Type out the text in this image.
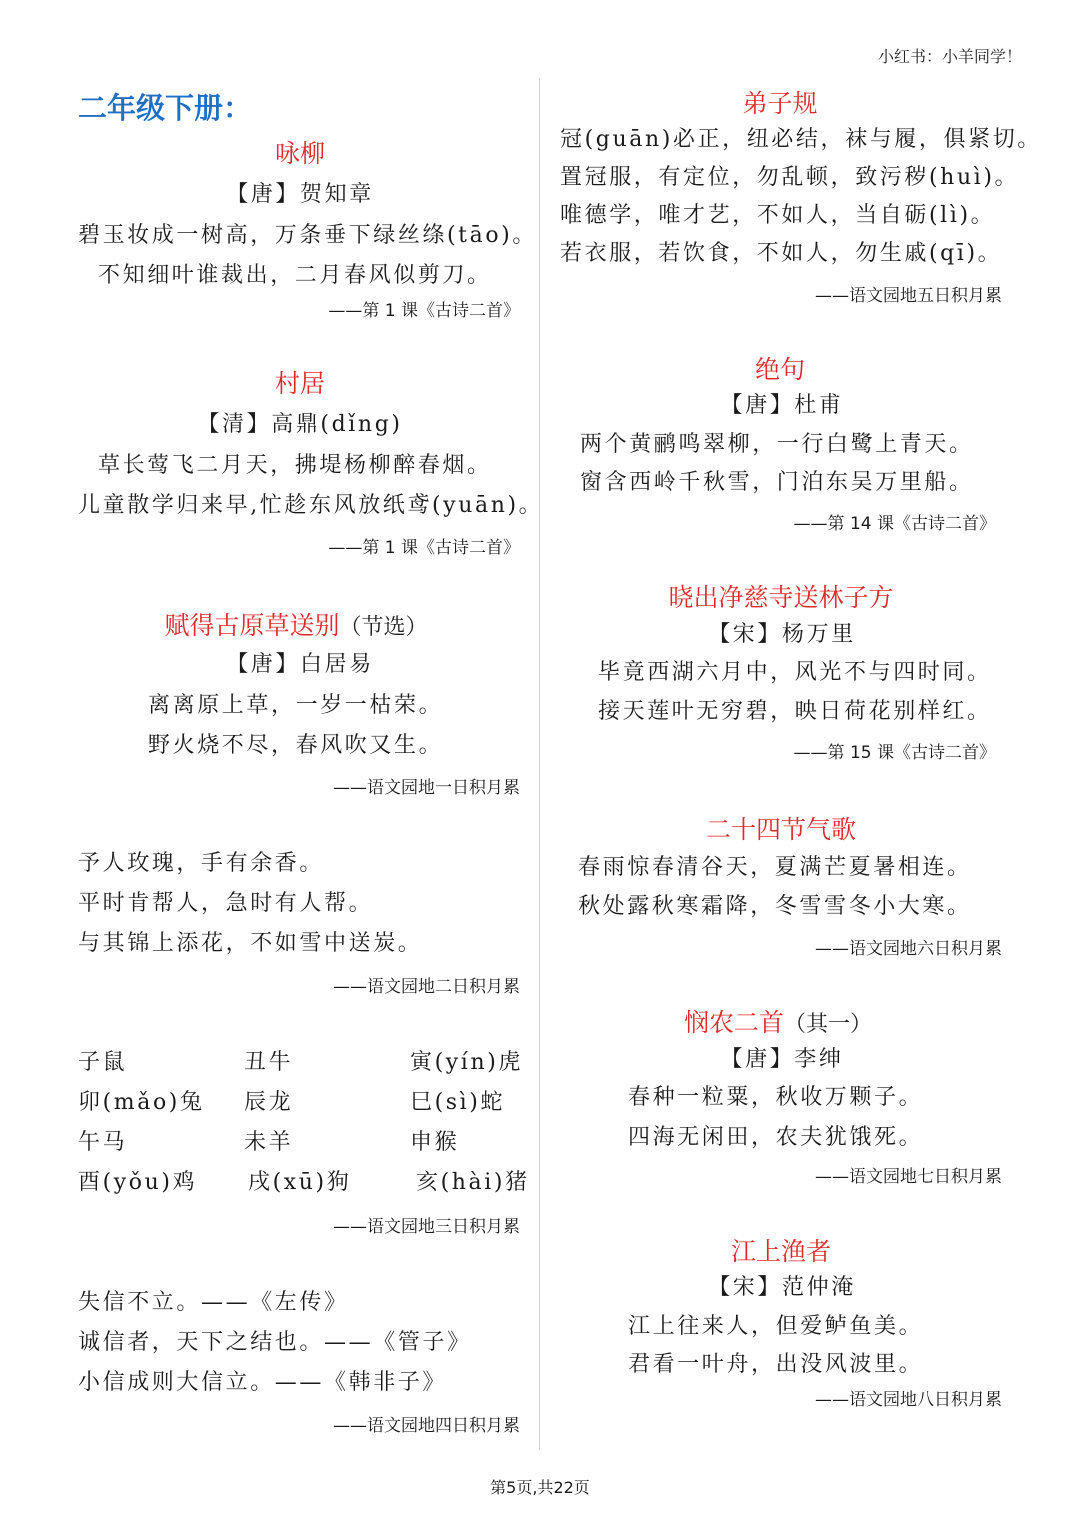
小红书：小羊同学！
二年级下册：
咏柳
【唐】贺知章
碧玉妆成一树高，万条垂下绿丝绦(tāo)。
不知细叶谁裁出，二月春风似剪刀。
——第 1 课《古诗二首》
村居
【清】高鼎(dǐng)
草长莺飞二月天，拂堤杨柳醉春烟。
儿童散学归来早,忙趁东风放纸鸢(yuān)。
——第 1 课《古诗二首》
赋得古原草送别（节选）
【唐】白居易
离离原上草，一岁一枯荣。
野火烧不尽，春风吹又生。
——语文园地一日积月累
予人玫瑰，手有余香。
平时肯帮人，急时有人帮。
与其锦上添花，不如雪中送炭。
——语文园地二日积月累
子鼠	丑牛	寅(yín)虎
卯(mǎo)兔 辰龙	巳(sì)蛇
午马	未羊	申猴
酉(yǒu)鸡 戌(xū)狗	亥(hài)猪
——语文园地三日积月累
失信不立。——《左传》
诚信者，天下之结也。——《管子》
小信成则大信立。——《韩非子》
——语文园地四日积月累
弟子规
冠(guān)必正，纽必结，袜与履，俱紧切。
置冠服，有定位，勿乱顿，致污秽(huì)。
唯德学，唯才艺，不如人，当自砺(lì)。
若衣服，若饮食，不如人，勿生戚(qī)。
——语文园地五日积月累
绝句
【唐】杜甫
两个黄鹂鸣翠柳，一行白鹭上青天。
窗含西岭千秋雪，门泊东吴万里船。
——第 14 课《古诗二首》
晓出净慈寺送林子方
【宋】杨万里
毕竟西湖六月中，风光不与四时同。
接天莲叶无穷碧，映日荷花别样红。
——第 15 课《古诗二首》
二十四节气歌
春雨惊春清谷天，夏满芒夏暑相连。
秋处露秋寒霜降，冬雪雪冬小大寒。
——语文园地六日积月累
悯农二首（其一）
【唐】李绅
春种一粒粟，秋收万颗子。
四海无闲田，农夫犹饿死。
——语文园地七日积月累
江上渔者
【宋】范仲淹
江上往来人，但爱鲈鱼美。
君看一叶舟，出没风波里。
——语文园地八日积月累
第5页,共22页
